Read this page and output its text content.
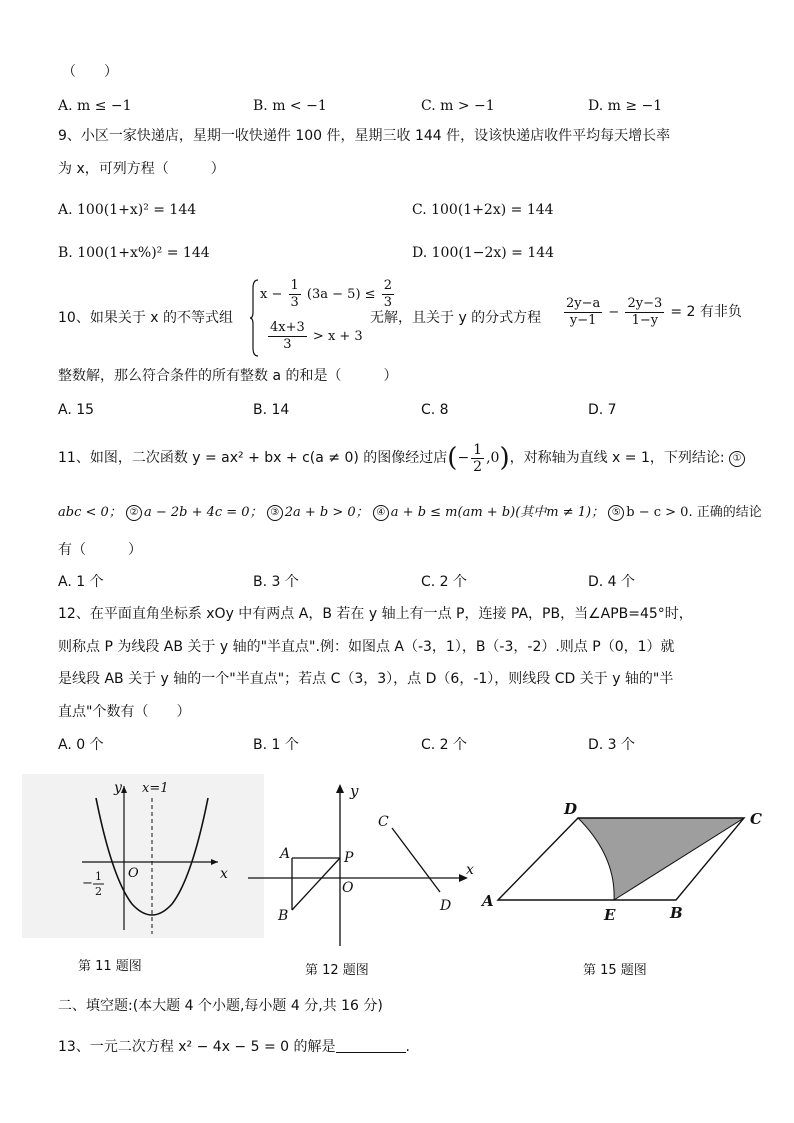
（　　）
A. m ≤ −1	B. m < −1	C. m > −1	D. m ≥ −1
9、小区一家快递店，星期一收快递件 100 件，星期三收 144 件，设该快递店收件平均每天增长率
为 x，可列方程（　　　）
A. 100(1+x)² = 144	C. 100(1+2x) = 144
B. 100(1+x%)² = 144	D. 100(1−2x) = 144
10、如果关于 x 的不等式组
$x - \frac{1}{3} (3a - 5) \le \frac{2}{3}$
$\frac{4x+3}{3} > x + 3$
无解，且关于 y 的分式方程 $\frac{2y-a}{y-1} - \frac{2y-3}{1-y} = 2$ 有非负
整数解，那么符合条件的所有整数 a 的和是（　　　）
A. 15	B. 14	C. 8	D. 7
11、如图，二次函数 y = ax² + bx + c(a ≠ 0) 的图像经过店(− $\frac{1}{2} ,0$)，对称轴为直线 x = 1，下列结论: ①
abc < 0； ② a − 2b + 4c = 0； ③ 2a + b > 0； ④ a + b ≤ m(am + b)(其中m ≠ 1)； ⑤ b − c > 0. 正确的结论
有（　　　）
A. 1 个	B. 3 个	C. 2 个	D. 4 个
12、在平面直角坐标系 xOy 中有两点 A，B 若在 y 轴上有一点 P，连接 PA，PB，当∠APB=45°时，
则称点 P 为线段 AB 关于 y 轴的"半直点".例：如图点 A（-3，1），B（-3，-2）.则点 P（0，1）就
是线段 AB 关于 y 轴的一个"半直点"；若点 C（3，3），点 D（6，-1），则线段 CD 关于 y 轴的"半
直点"个数有（　　）
A. 0 个	B. 1 个	C. 2 个	D. 3 个
y
x
x=1
O
− 1
2
第 11 题图
y
x
A
B
P
O
C
D
第 12 题图
A
B
C
D
E
第 15 题图
二、填空题:(本大题 4 个小题,每小题 4 分,共 16 分)
13、一元二次方程 x² − 4x − 5 = 0 的解是	.
